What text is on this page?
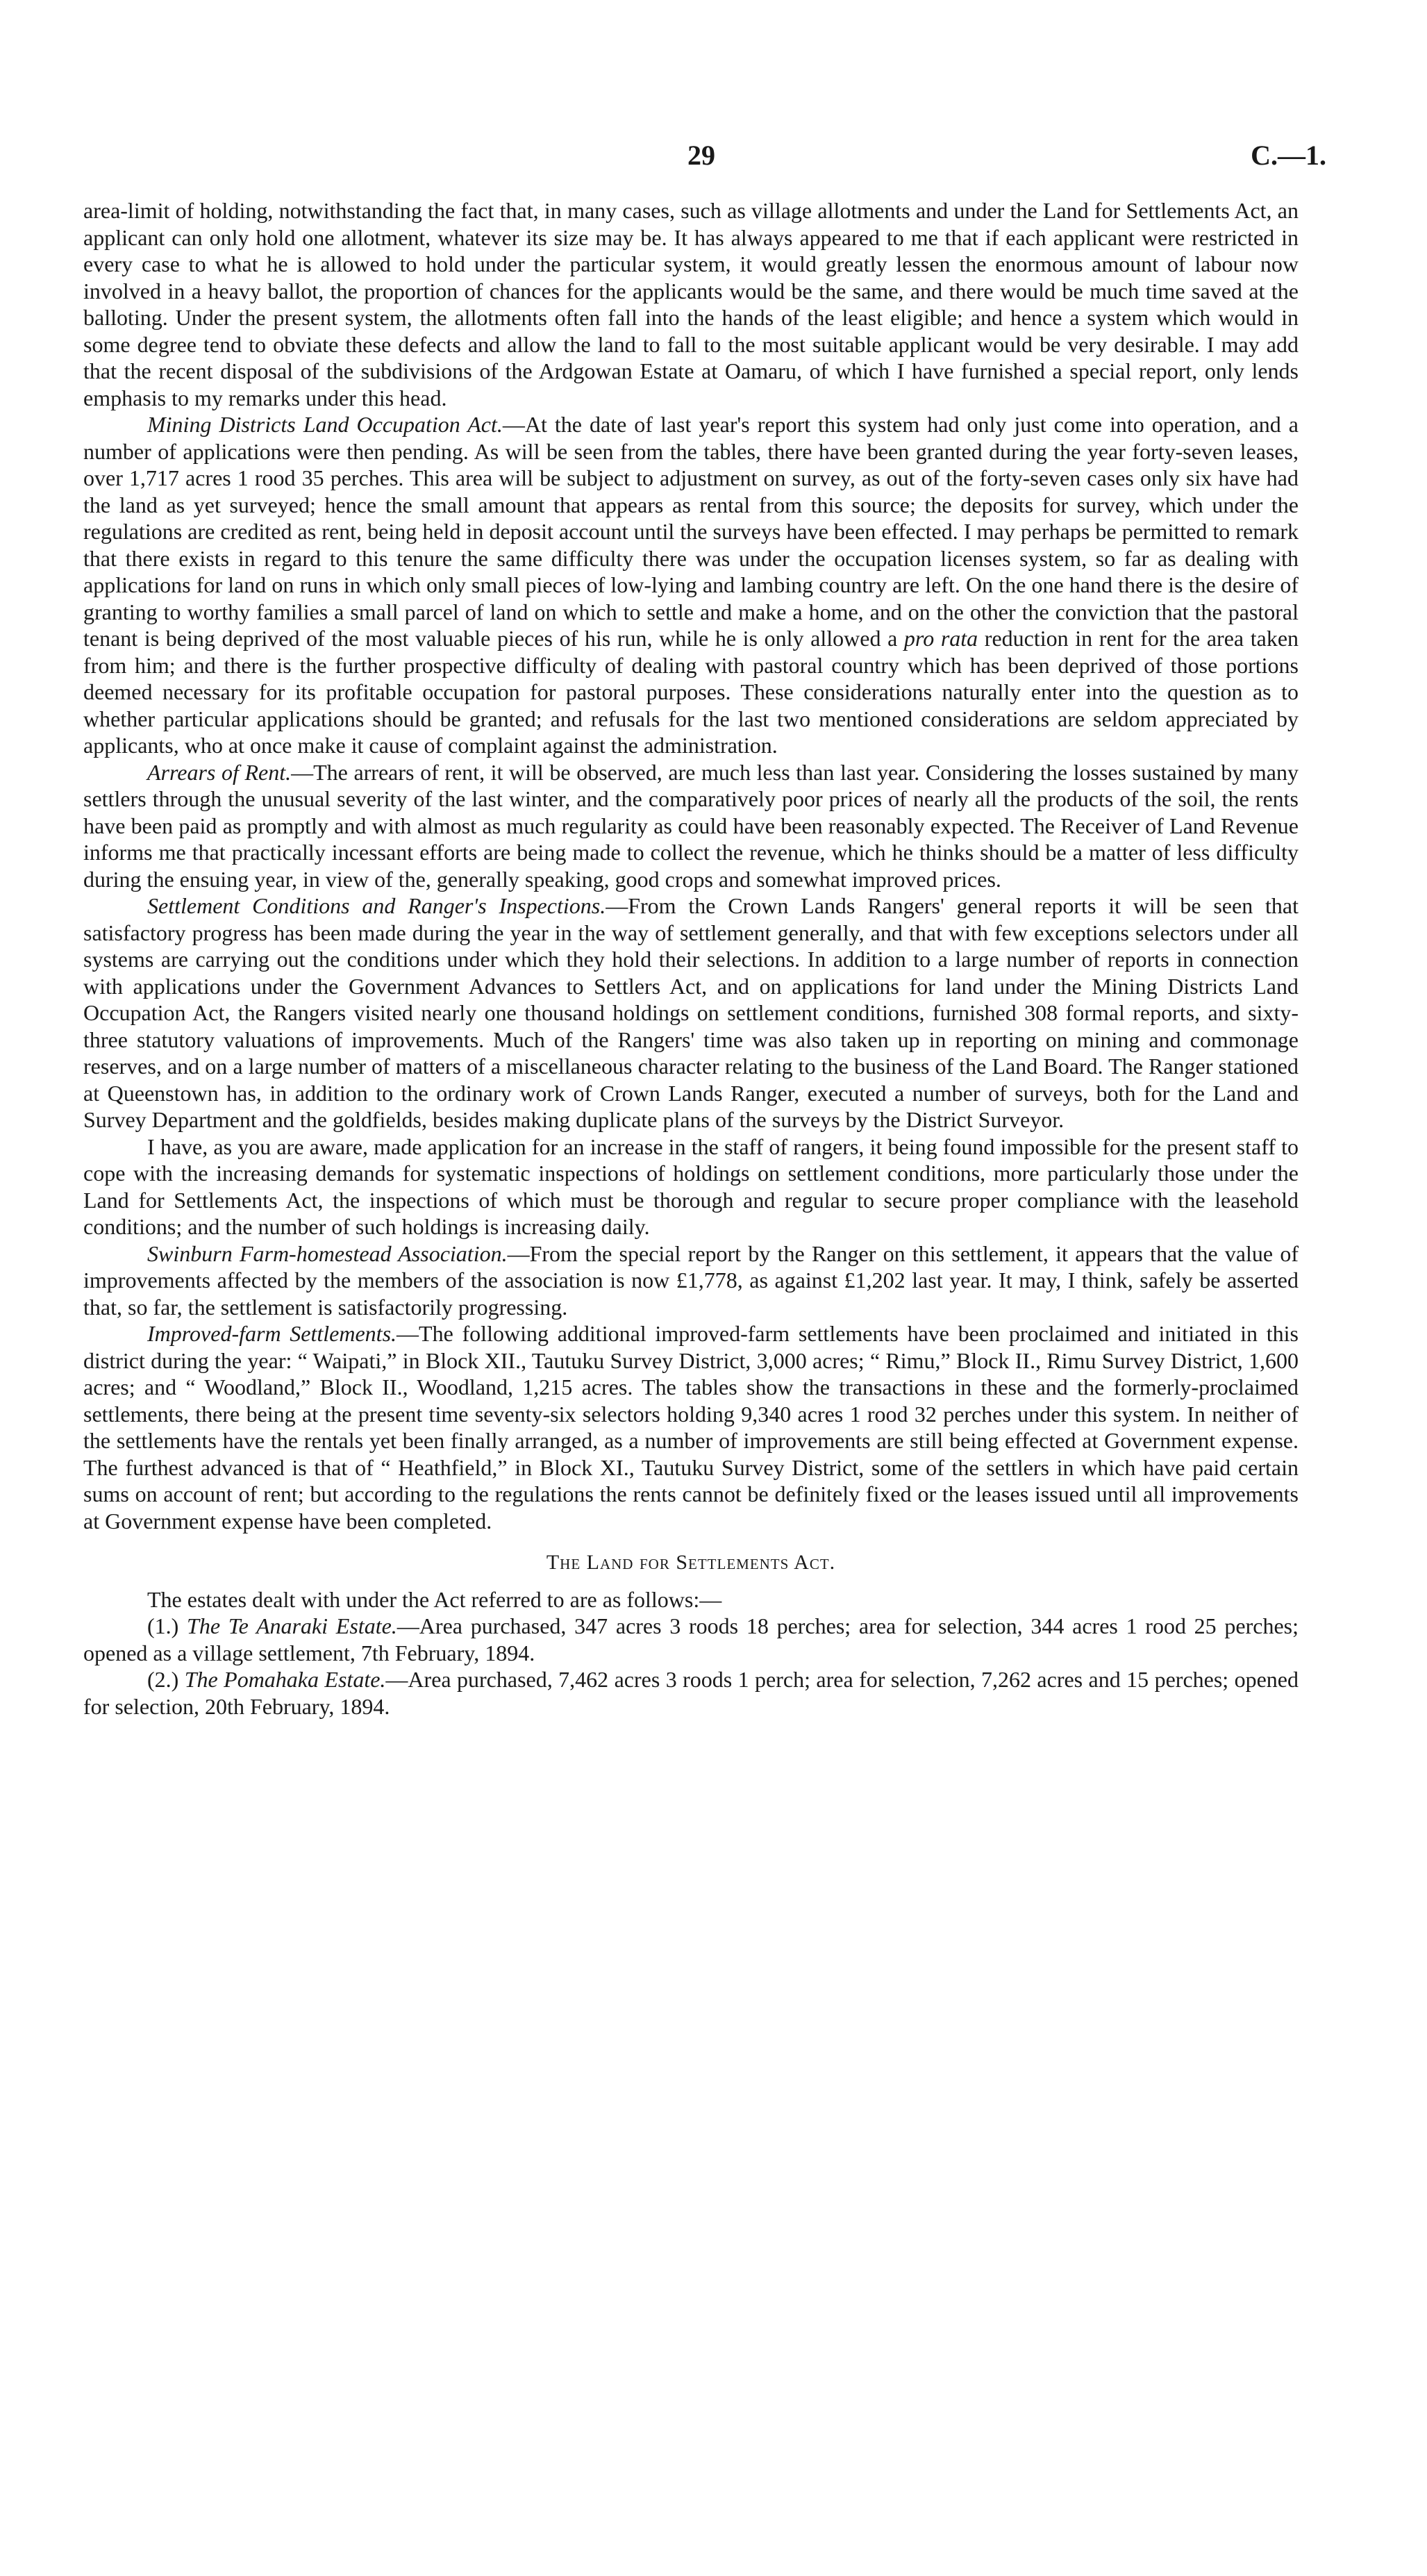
29	C.—1.

area-limit of holding, notwithstanding the fact that, in many cases, such as village allotments and under the Land for Settlements Act, an applicant can only hold one allotment, whatever its size may be. It has always appeared to me that if each applicant were restricted in every case to what he is allowed to hold under the particular system, it would greatly lessen the enormous amount of labour now involved in a heavy ballot, the proportion of chances for the applicants would be the same, and there would be much time saved at the balloting. Under the present system, the allotments often fall into the hands of the least eligible; and hence a system which would in some degree tend to obviate these defects and allow the land to fall to the most suitable applicant would be very desirable. I may add that the recent disposal of the subdivisions of the Ardgowan Estate at Oamaru, of which I have furnished a special report, only lends emphasis to my remarks under this head.

Mining Districts Land Occupation Act.—At the date of last year's report this system had only just come into operation, and a number of applications were then pending. As will be seen from the tables, there have been granted during the year forty-seven leases, over 1,717 acres 1 rood 35 perches. This area will be subject to adjustment on survey, as out of the forty-seven cases only six have had the land as yet surveyed; hence the small amount that appears as rental from this source; the deposits for survey, which under the regulations are credited as rent, being held in deposit account until the surveys have been effected. I may perhaps be permitted to remark that there exists in regard to this tenure the same difficulty there was under the occupation licenses system, so far as dealing with applications for land on runs in which only small pieces of low-lying and lambing country are left. On the one hand there is the desire of granting to worthy families a small parcel of land on which to settle and make a home, and on the other the conviction that the pastoral tenant is being deprived of the most valuable pieces of his run, while he is only allowed a pro rata reduction in rent for the area taken from him; and there is the further prospective difficulty of dealing with pastoral country which has been deprived of those portions deemed necessary for its profitable occupation for pastoral purposes. These considerations naturally enter into the question as to whether particular applications should be granted; and refusals for the last two mentioned considerations are seldom appreciated by applicants, who at once make it cause of complaint against the administration.

Arrears of Rent.—The arrears of rent, it will be observed, are much less than last year. Considering the losses sustained by many settlers through the unusual severity of the last winter, and the comparatively poor prices of nearly all the products of the soil, the rents have been paid as promptly and with almost as much regularity as could have been reasonably expected. The Receiver of Land Revenue informs me that practically incessant efforts are being made to collect the revenue, which he thinks should be a matter of less difficulty during the ensuing year, in view of the, generally speaking, good crops and somewhat improved prices.

Settlement Conditions and Ranger's Inspections.—From the Crown Lands Rangers' general reports it will be seen that satisfactory progress has been made during the year in the way of settlement generally, and that with few exceptions selectors under all systems are carrying out the conditions under which they hold their selections. In addition to a large number of reports in connection with applications under the Government Advances to Settlers Act, and on applications for land under the Mining Districts Land Occupation Act, the Rangers visited nearly one thousand holdings on settlement conditions, furnished 308 formal reports, and sixty-three statutory valuations of improvements. Much of the Rangers' time was also taken up in reporting on mining and commonage reserves, and on a large number of matters of a miscellaneous character relating to the business of the Land Board. The Ranger stationed at Queenstown has, in addition to the ordinary work of Crown Lands Ranger, executed a number of surveys, both for the Land and Survey Department and the goldfields, besides making duplicate plans of the surveys by the District Surveyor.

I have, as you are aware, made application for an increase in the staff of rangers, it being found impossible for the present staff to cope with the increasing demands for systematic inspections of holdings on settlement conditions, more particularly those under the Land for Settlements Act, the inspections of which must be thorough and regular to secure proper compliance with the leasehold conditions; and the number of such holdings is increasing daily.

Swinburn Farm-homestead Association.—From the special report by the Ranger on this settlement, it appears that the value of improvements affected by the members of the association is now £1,778, as against £1,202 last year. It may, I think, safely be asserted that, so far, the settlement is satisfactorily progressing.

Improved-farm Settlements.—The following additional improved-farm settlements have been proclaimed and initiated in this district during the year: “ Waipati,” in Block XII., Tautuku Survey District, 3,000 acres; “ Rimu,” Block II., Rimu Survey District, 1,600 acres; and “ Woodland,” Block II., Woodland, 1,215 acres. The tables show the transactions in these and the formerly-proclaimed settlements, there being at the present time seventy-six selectors holding 9,340 acres 1 rood 32 perches under this system. In neither of the settlements have the rentals yet been finally arranged, as a number of improvements are still being effected at Government expense. The furthest advanced is that of “ Heathfield,” in Block XI., Tautuku Survey District, some of the settlers in which have paid certain sums on account of rent; but according to the regulations the rents cannot be definitely fixed or the leases issued until all improvements at Government expense have been completed.

The Land for Settlements Act.

The estates dealt with under the Act referred to are as follows:—

(1.) The Te Anaraki Estate.—Area purchased, 347 acres 3 roods 18 perches; area for selection, 344 acres 1 rood 25 perches; opened as a village settlement, 7th February, 1894.

(2.) The Pomahaka Estate.—Area purchased, 7,462 acres 3 roods 1 perch; area for selection, 7,262 acres and 15 perches; opened for selection, 20th February, 1894.
